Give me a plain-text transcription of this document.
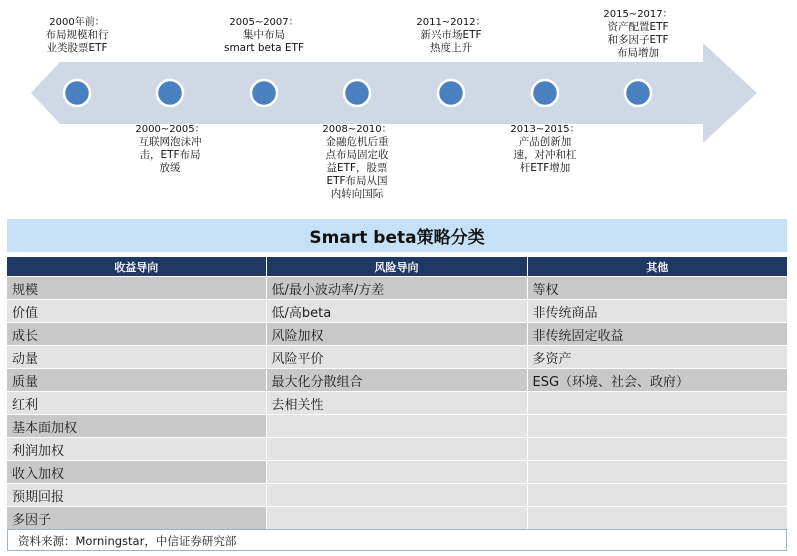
2000年前：
布局规模和行
业类股票ETF
2005~2007：
集中布局
smart beta ETF
2011~2012：
新兴市场ETF
热度上升
2015~2017：
资产配置ETF
和多因子ETF
布局增加
2000~2005：
互联网泡沫冲
击，ETF布局
放缓
2008~2010：
金融危机后重
点布局固定收
益ETF，股票
ETF布局从国
内转向国际
2013~2015：
产品创新加
速，对冲和杠
杆ETF增加
Smart beta策略分类
收益导向	风险导向	其他
规模	低/最小波动率/方差	等权
价值	低/高beta	非传统商品
成长	风险加权	非传统固定收益
动量	风险平价	多资产
质量	最大化分散组合	ESG（环境、社会、政府）
红利	去相关性	
基本面加权		
利润加权		
收入加权		
预期回报		
多因子		
资料来源：Morningstar，中信证券研究部
